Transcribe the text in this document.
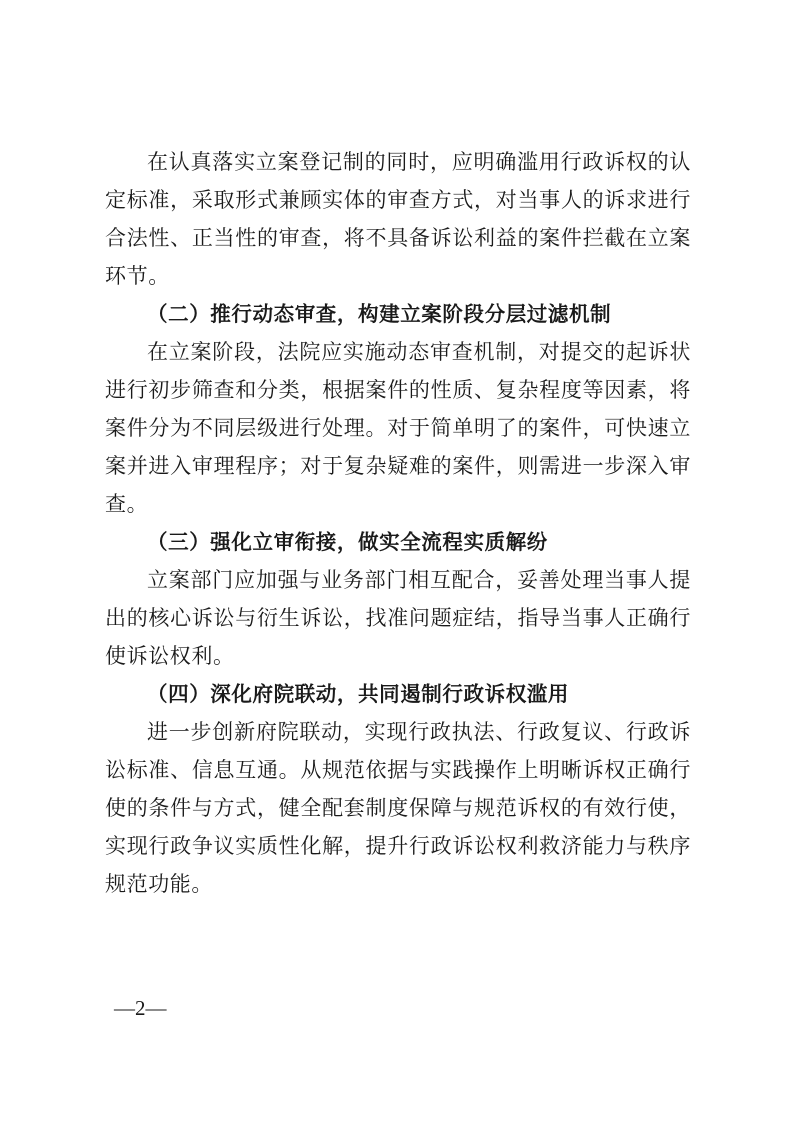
在认真落实立案登记制的同时，应明确滥用行政诉权的认定标准，采取形式兼顾实体的审查方式，对当事人的诉求进行合法性、正当性的审查，将不具备诉讼利益的案件拦截在立案环节。

（二）推行动态审查，构建立案阶段分层过滤机制

在立案阶段，法院应实施动态审查机制，对提交的起诉状进行初步筛查和分类，根据案件的性质、复杂程度等因素，将案件分为不同层级进行处理。对于简单明了的案件，可快速立案并进入审理程序；对于复杂疑难的案件，则需进一步深入审查。

（三）强化立审衔接，做实全流程实质解纷

立案部门应加强与业务部门相互配合，妥善处理当事人提出的核心诉讼与衍生诉讼，找准问题症结，指导当事人正确行使诉讼权利。

（四）深化府院联动，共同遏制行政诉权滥用

进一步创新府院联动，实现行政执法、行政复议、行政诉讼标准、信息互通。从规范依据与实践操作上明晰诉权正确行使的条件与方式，健全配套制度保障与规范诉权的有效行使，实现行政争议实质性化解，提升行政诉讼权利救济能力与秩序规范功能。

—2—
